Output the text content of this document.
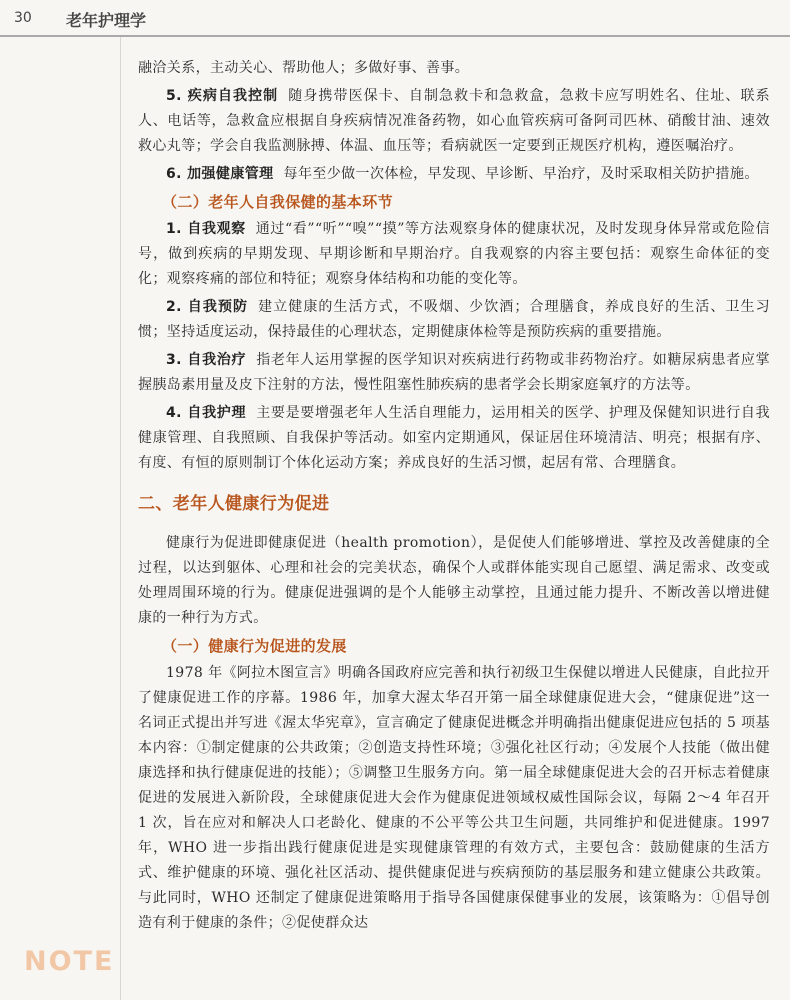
30 老年护理学

融洽关系，主动关心、帮助他人；多做好事、善事。

5. 疾病自我控制 随身携带医保卡、自制急救卡和急救盒，急救卡应写明姓名、住址、联系人、电话等，急救盒应根据自身疾病情况准备药物，如心血管疾病可备阿司匹林、硝酸甘油、速效救心丸等；学会自我监测脉搏、体温、血压等；看病就医一定要到正规医疗机构，遵医嘱治疗。

6. 加强健康管理 每年至少做一次体检，早发现、早诊断、早治疗，及时采取相关防护措施。

（二）老年人自我保健的基本环节

1. 自我观察 通过“看”“听”“嗅”“摸”等方法观察身体的健康状况，及时发现身体异常或危险信号，做到疾病的早期发现、早期诊断和早期治疗。自我观察的内容主要包括：观察生命体征的变化；观察疼痛的部位和特征；观察身体结构和功能的变化等。

2. 自我预防 建立健康的生活方式，不吸烟、少饮酒；合理膳食，养成良好的生活、卫生习惯；坚持适度运动，保持最佳的心理状态，定期健康体检等是预防疾病的重要措施。

3. 自我治疗 指老年人运用掌握的医学知识对疾病进行药物或非药物治疗。如糖尿病患者应掌握胰岛素用量及皮下注射的方法，慢性阻塞性肺疾病的患者学会长期家庭氧疗的方法等。

4. 自我护理 主要是要增强老年人生活自理能力，运用相关的医学、护理及保健知识进行自我健康管理、自我照顾、自我保护等活动。如室内定期通风，保证居住环境清洁、明亮；根据有序、有度、有恒的原则制订个体化运动方案；养成良好的生活习惯，起居有常、合理膳食。

二、老年人健康行为促进

健康行为促进即健康促进（health promotion），是促使人们能够增进、掌控及改善健康的全过程，以达到躯体、心理和社会的完美状态，确保个人或群体能实现自己愿望、满足需求、改变或处理周围环境的行为。健康促进强调的是个人能够主动掌控，且通过能力提升、不断改善以增进健康的一种行为方式。

（一）健康行为促进的发展

1978 年《阿拉木图宣言》明确各国政府应完善和执行初级卫生保健以增进人民健康，自此拉开了健康促进工作的序幕。1986 年，加拿大渥太华召开第一届全球健康促进大会，“健康促进”这一名词正式提出并写进《渥太华宪章》，宣言确定了健康促进概念并明确指出健康促进应包括的 5 项基本内容：①制定健康的公共政策；②创造支持性环境；③强化社区行动；④发展个人技能（做出健康选择和执行健康促进的技能）；⑤调整卫生服务方向。第一届全球健康促进大会的召开标志着健康促进的发展进入新阶段，全球健康促进大会作为健康促进领域权威性国际会议，每隔 2～4 年召开 1 次，旨在应对和解决人口老龄化、健康的不公平等公共卫生问题，共同维护和促进健康。1997 年，WHO 进一步指出践行健康促进是实现健康管理的有效方式，主要包含：鼓励健康的生活方式、维护健康的环境、强化社区活动、提供健康促进与疾病预防的基层服务和建立健康公共政策。与此同时，WHO 还制定了健康促进策略用于指导各国健康保健事业的发展，该策略为：①倡导创造有利于健康的条件；②促使群众达

NOTE
